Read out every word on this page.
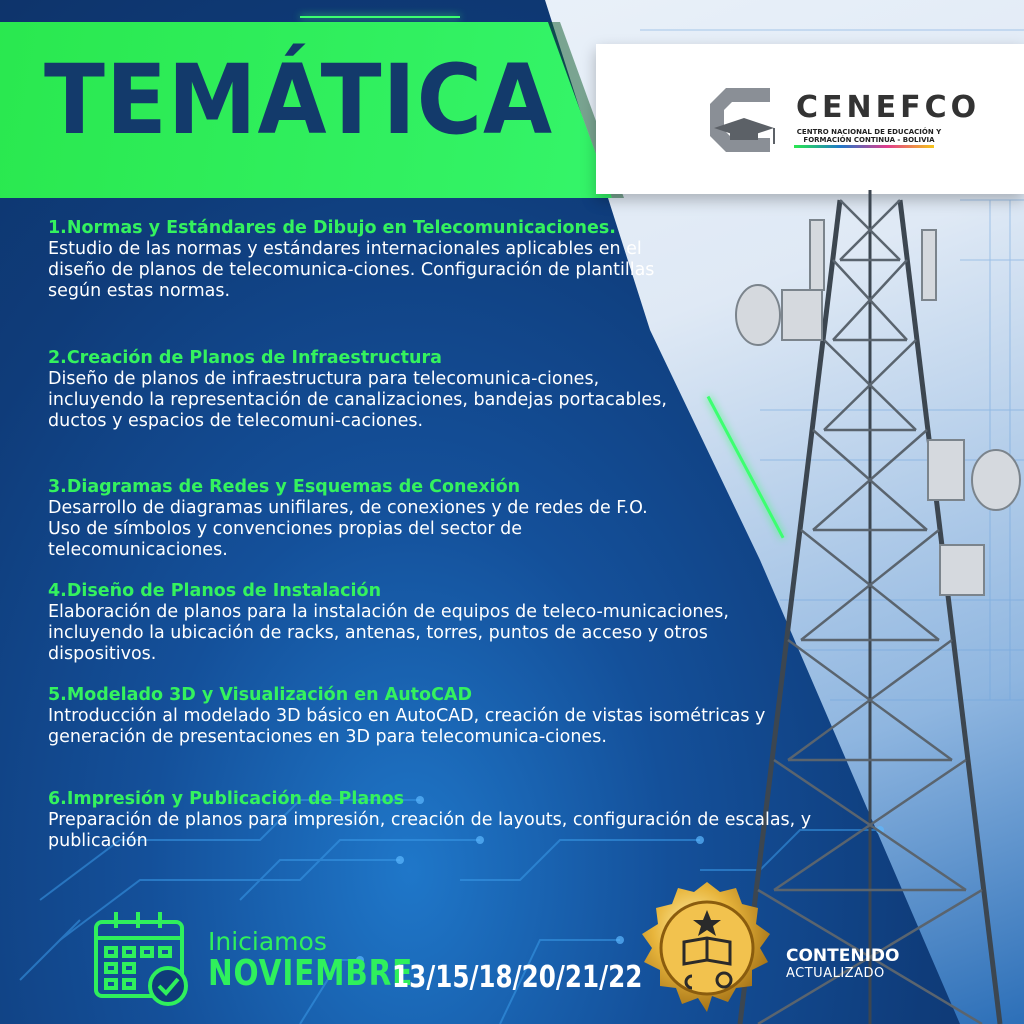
TEMÁTICA	CENEFCO
CENTRO NACIONAL DE EDUCACIÓN Y FORMACIÓN CONTINUA - BOLIVIA
1.Normas y Estándares de Dibujo en Telecomunicaciones.
Estudio de las normas y estándares internacionales aplicables en el diseño de planos de telecomunica-ciones. Configuración de plantillas según estas normas.
2.Creación de Planos de Infraestructura
Diseño de planos de infraestructura para telecomunica-ciones, incluyendo la representación de canalizaciones, bandejas portacables, ductos y espacios de telecomuni-caciones.
3.Diagramas de Redes y Esquemas de Conexión
Desarrollo de diagramas unifilares, de conexiones y de redes de F.O. Uso de símbolos y convenciones propias del sector de telecomunicaciones.
4.Diseño de Planos de Instalación
Elaboración de planos para la instalación de equipos de teleco-municaciones, incluyendo la ubicación de racks, antenas, torres, puntos de acceso y otros dispositivos.
5.Modelado 3D y Visualización en AutoCAD
Introducción al modelado 3D básico en AutoCAD, creación de vistas isométricas y generación de presentaciones en 3D para telecomunica-ciones.
6.Impresión y Publicación de Planos
Preparación de planos para impresión, creación de layouts, configuración de escalas, y publicación
Iniciamos
NOVIEMBRE
13/15/18/20/21/22
CONTENIDO
ACTUALIZADO
